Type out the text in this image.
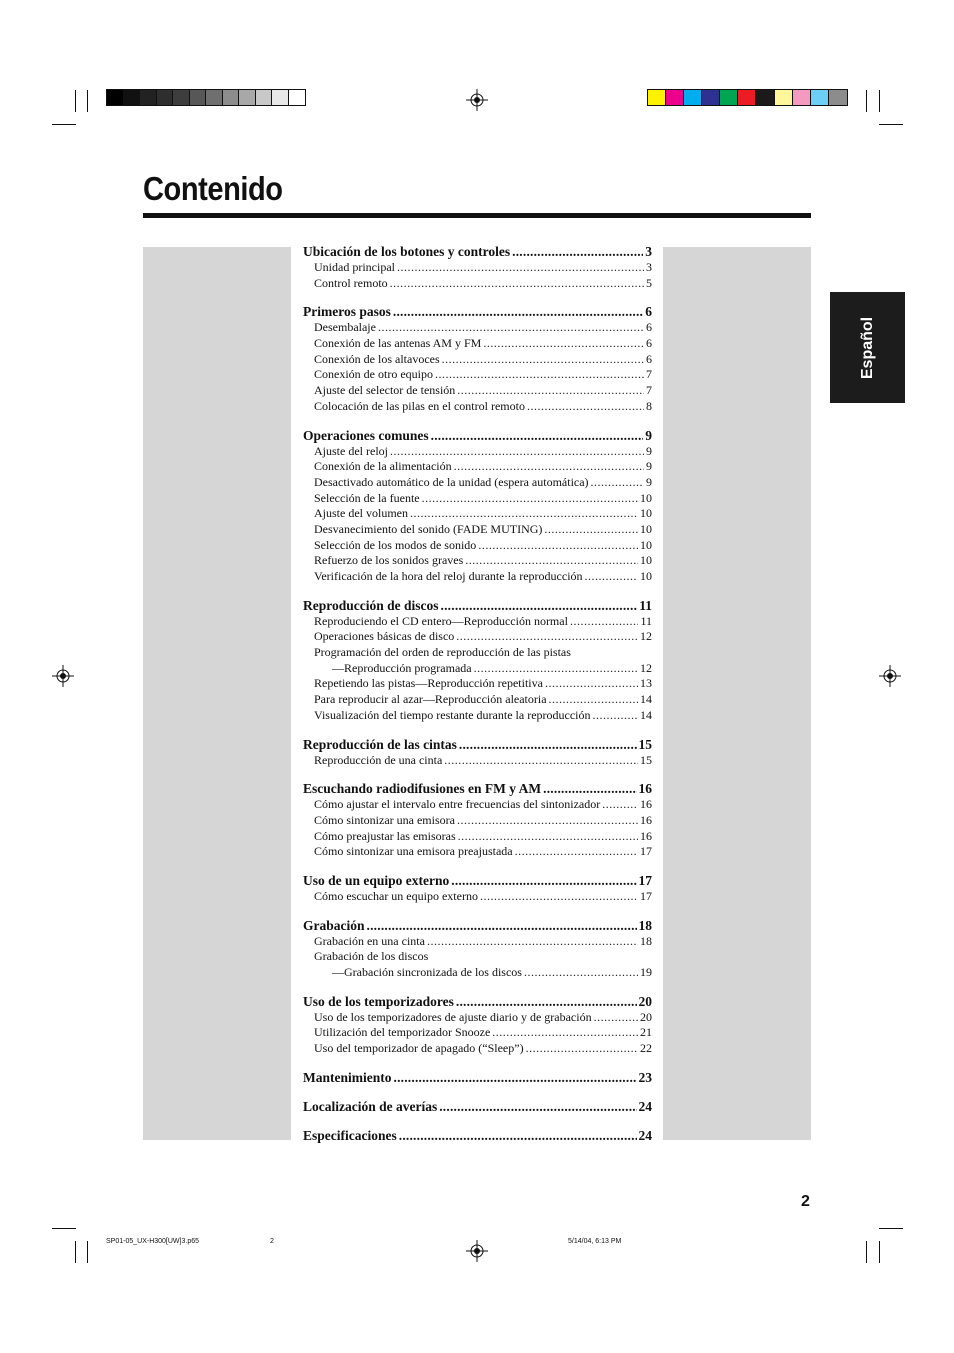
Contenido
Español
Ubicación de los botones y controles .....	3
Unidad principal .....	3
Control remoto .....	5
Primeros pasos .....	6
Desembalaje .....	6
Conexión de las antenas AM y FM .....	6
Conexión de los altavoces .....	6
Conexión de otro equipo .....	7
Ajuste del selector de tensión .....	7
Colocación de las pilas en el control remoto .....	8
Operaciones comunes .....	9
Ajuste del reloj .....	9
Conexión de la alimentación .....	9
Desactivado automático de la unidad (espera automática) .....	9
Selección de la fuente .....	10
Ajuste del volumen .....	10
Desvanecimiento del sonido (FADE MUTING) .....	10
Selección de los modos de sonido .....	10
Refuerzo de los sonidos graves .....	10
Verificación de la hora del reloj durante la reproducción .....	10
Reproducción de discos .....	11
Reproduciendo el CD entero—Reproducción normal .....	11
Operaciones básicas de disco .....	12
Programación del orden de reproducción de las pistas
—Reproducción programada .....	12
Repetiendo las pistas—Reproducción repetitiva .....	13
Para reproducir al azar—Reproducción aleatoria .....	14
Visualización del tiempo restante durante la reproducción .....	14
Reproducción de las cintas .....	15
Reproducción de una cinta .....	15
Escuchando radiodifusiones en FM y AM .....	16
Cómo ajustar el intervalo entre frecuencias del sintonizador .....	16
Cómo sintonizar una emisora .....	16
Cómo preajustar las emisoras .....	16
Cómo sintonizar una emisora preajustada .....	17
Uso de un equipo externo .....	17
Cómo escuchar un equipo externo .....	17
Grabación .....	18
Grabación en una cinta .....	18
Grabación de los discos
—Grabación sincronizada de los discos .....	19
Uso de los temporizadores .....	20
Uso de los temporizadores de ajuste diario y de grabación .....	20
Utilización del temporizador Snooze .....	21
Uso del temporizador de apagado (“Sleep”) .....	22
Mantenimiento .....	23
Localización de averías .....	24
Especificaciones .....	24
2
SP01-05_UX-H300[UW]3.p65	2	5/14/04, 6:13 PM
